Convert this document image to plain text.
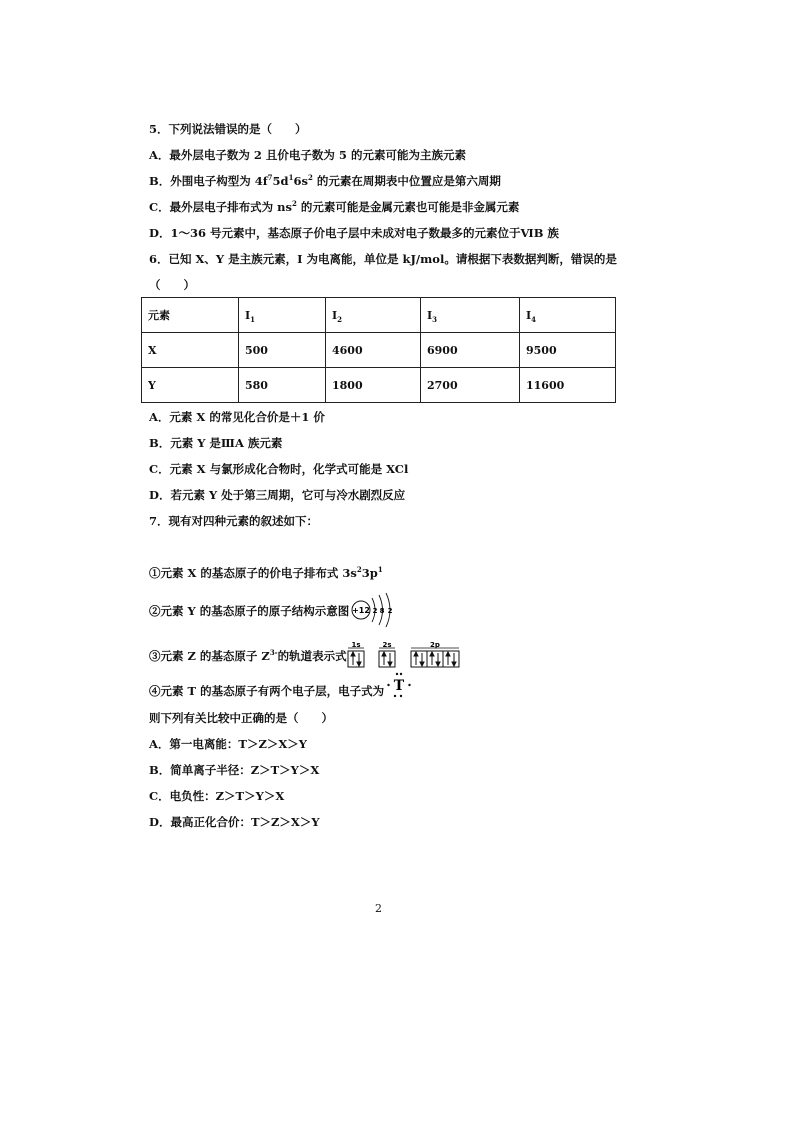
5．下列说法错误的是（　　）
A．最外层电子数为 2 且价电子数为 5 的元素可能为主族元素
B．外围电子构型为 $4f^75d^16s^2$ 的元素在周期表中位置应是第六周期
C．最外层电子排布式为 $ns^2$ 的元素可能是金属元素也可能是非金属元素
D．1～36 号元素中，基态原子价电子层中未成对电子数最多的元素位于ⅥB 族
6．已知 X、Y 是主族元素，I 为电离能，单位是 kJ/mol。请根据下表数据判断，错误的是
（　　）
元素	$I_1$	$I_2$	$I_3$	$I_4$
X	500	4600	6900	9500
Y	580	1800	2700	11600
A．元素 X 的常见化合价是＋1 价
B．元素 Y 是ⅢA 族元素
C．元素 X 与氯形成化合物时，化学式可能是 XCl
D．若元素 Y 处于第三周期，它可与冷水剧烈反应
7．现有对四种元素的叙述如下：
①元素 X 的基态原子的价电子排布式 $3s^23p^1$
②元素 Y 的基态原子的原子结构示意图 +12 2 8 2
③元素 Z 的基态原子 $Z^{3-}$的轨道表示式
1s	2s	2p
④元素 T 的基态原子有两个电子层，电子式为 T
则下列有关比较中正确的是（　　）
A．第一电离能：T＞Z＞X＞Y
B．简单离子半径：Z＞T＞Y＞X
C．电负性：Z＞T＞Y＞X
D．最高正化合价：T＞Z＞X＞Y
2
